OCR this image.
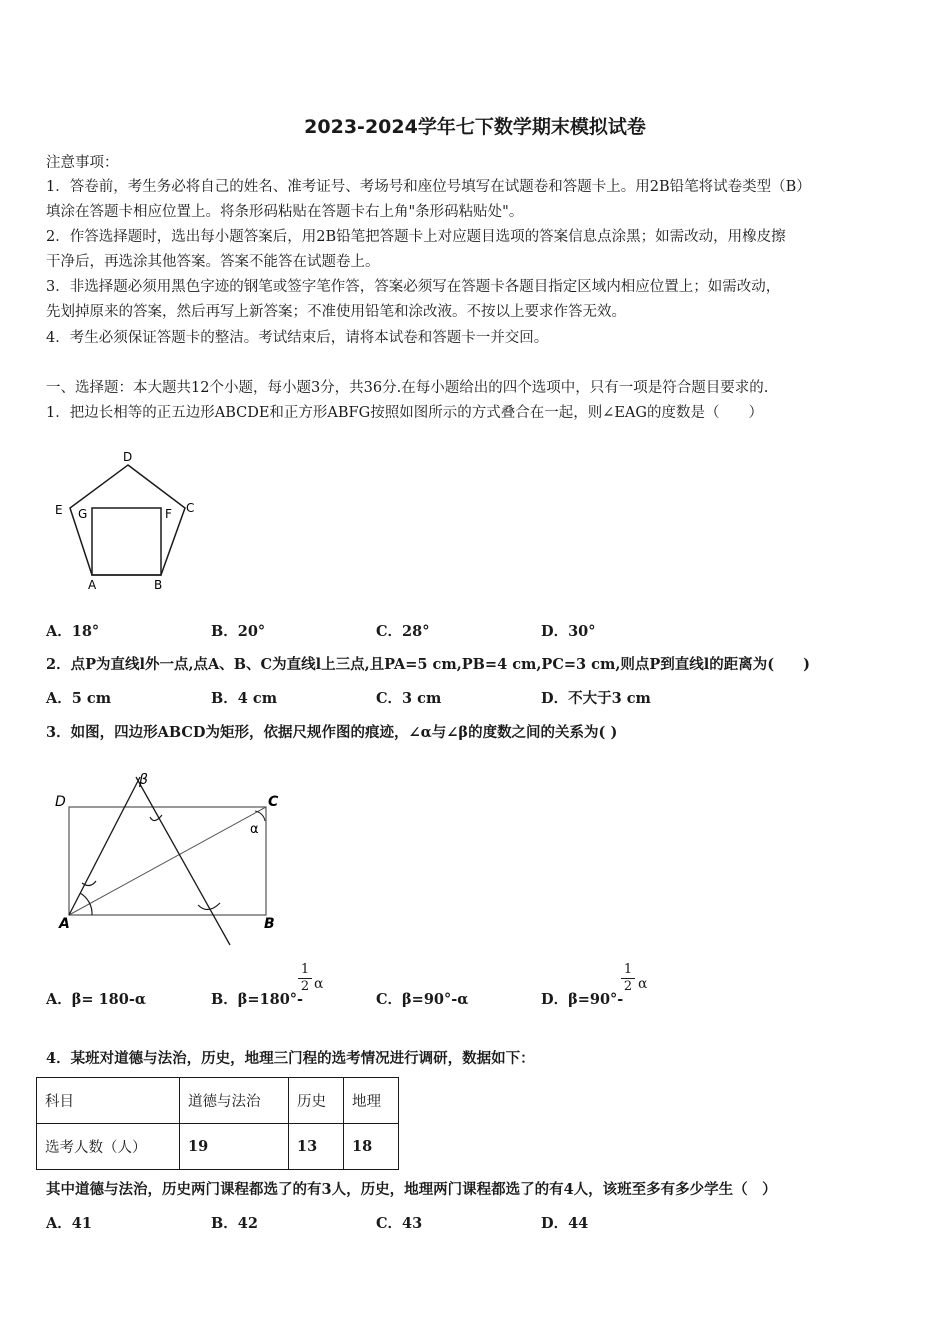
2023-2024学年七下数学期末模拟试卷
注意事项：
1．答卷前，考生务必将自己的姓名、准考证号、考场号和座位号填写在试题卷和答题卡上。用2B铅笔将试卷类型（B）
填涂在答题卡相应位置上。将条形码粘贴在答题卡右上角"条形码粘贴处"。
2．作答选择题时，选出每小题答案后，用2B铅笔把答题卡上对应题目选项的答案信息点涂黑；如需改动，用橡皮擦
干净后，再选涂其他答案。答案不能答在试题卷上。
3．非选择题必须用黑色字迹的钢笔或签字笔作答，答案必须写在答题卡各题目指定区域内相应位置上；如需改动，
先划掉原来的答案，然后再写上新答案；不准使用铅笔和涂改液。不按以上要求作答无效。
4．考生必须保证答题卡的整洁。考试结束后，请将本试卷和答题卡一并交回。
一、选择题：本大题共12个小题，每小题3分，共36分.在每小题给出的四个选项中，只有一项是符合题目要求的.
1．把边长相等的正五边形ABCDE和正方形ABFG按照如图所示的方式叠合在一起，则∠EAG的度数是（　　）
D
E G	F C
A	B
A．18°	B．20°	C．28°	D．30°
2．点P为直线l外一点,点A、B、C为直线l上三点,且PA=5 cm,PB=4 cm,PC=3 cm,则点P到直线l的距离为(　　)
A．5 cm	B．4 cm	C．3 cm	D．不大于3 cm
3．如图，四边形ABCD为矩形，依据尺规作图的痕迹，∠α与∠β的度数之间的关系为( )
D	C
A	B
α
β
A．β= 180-α	B．β=180°-
1
2 α
C．β=90°-α	D．β=90°-
1
2 α
4．某班对道德与法治，历史，地理三门程的选考情况进行调研，数据如下：
科目	道德与法治	历史	地理
选考人数（人）	19	13	18
其中道德与法治，历史两门课程都选了的有3人，历史，地理两门课程都选了的有4人，该班至多有多少学生（　）
A．41	B．42	C．43	D．44
